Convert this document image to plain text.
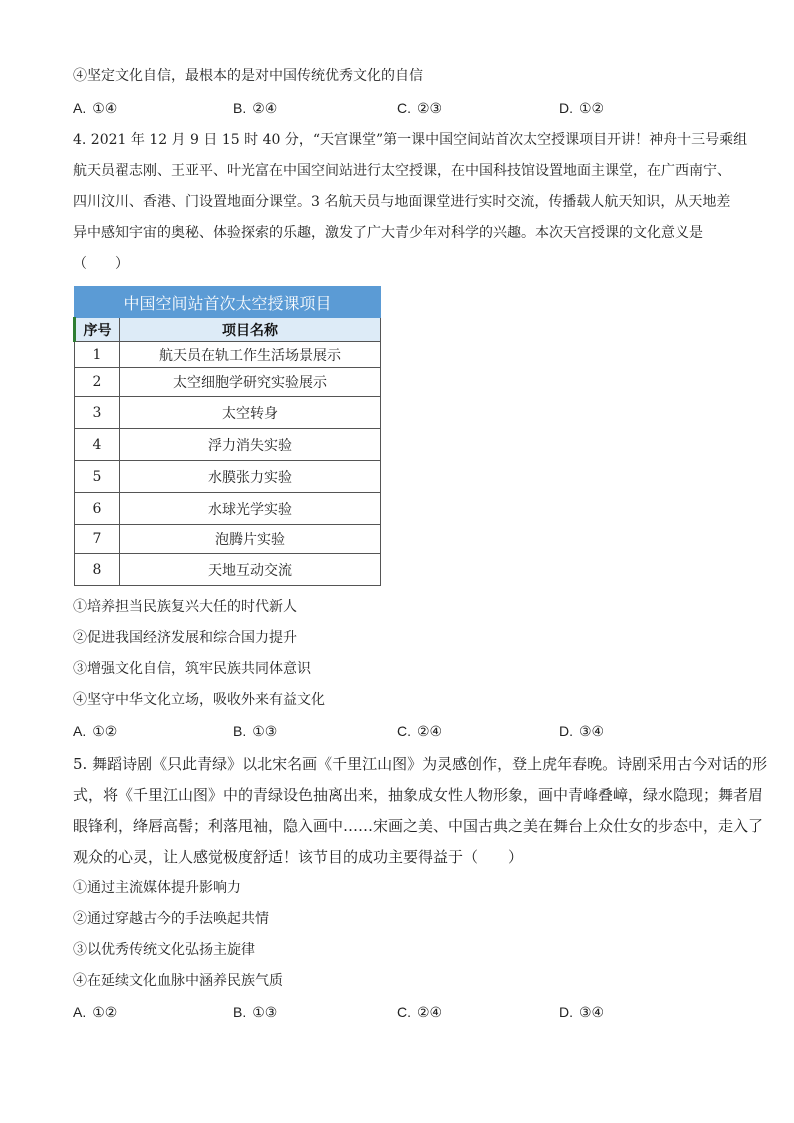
④坚定文化自信，最根本的是对中国传统优秀文化的自信
A. ①④	B. ②④	C. ②③	D. ①②
4. 2021 年 12 月 9 日 15 时 40 分，“天宫课堂”第一课中国空间站首次太空授课项目开讲！神舟十三号乘组
航天员翟志刚、王亚平、叶光富在中国空间站进行太空授课，在中国科技馆设置地面主课堂，在广西南宁、
四川汶川、香港、门设置地面分课堂。3 名航天员与地面课堂进行实时交流，传播载人航天知识，从天地差
异中感知宇宙的奥秘、体验探索的乐趣，激发了广大青少年对科学的兴趣。本次天宫授课的文化意义是
（　　）
中国空间站首次太空授课项目	
序号	项目名称
1	航天员在轨工作生活场景展示
2	太空细胞学研究实验展示
3	太空转身
4	浮力消失实验
5	水膜张力实验
6	水球光学实验
7	泡腾片实验
8	天地互动交流
①培养担当民族复兴大任的时代新人
②促进我国经济发展和综合国力提升
③增强文化自信，筑牢民族共同体意识
④坚守中华文化立场，吸收外来有益文化
A. ①②	B. ①③	C. ②④	D. ③④
5. 舞蹈诗剧《只此青绿》以北宋名画《千里江山图》为灵感创作，登上虎年春晚。诗剧采用古今对话的形
式，将《千里江山图》中的青绿设色抽离出来，抽象成女性人物形象，画中青峰叠嶂，绿水隐现；舞者眉
眼锋利，绛唇高髻；利落甩袖，隐入画中……宋画之美、中国古典之美在舞台上众仕女的步态中，走入了
观众的心灵，让人感觉极度舒适！该节目的成功主要得益于（　　）
①通过主流媒体提升影响力
②通过穿越古今的手法唤起共情
③以优秀传统文化弘扬主旋律
④在延续文化血脉中涵养民族气质
A. ①②	B. ①③	C. ②④	D. ③④
